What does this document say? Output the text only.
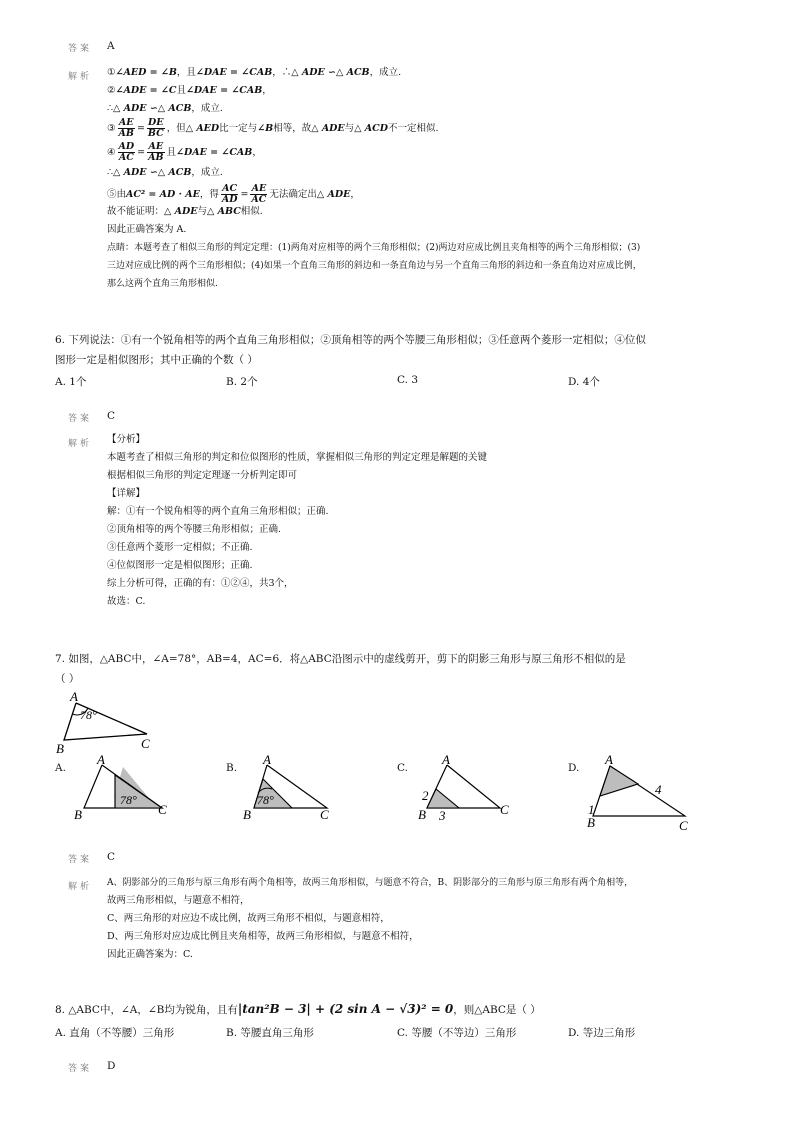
答案 A
解析 ①∠AED = ∠B，且∠DAE = ∠CAB，∴△ ADE ∽△ ACB，成立.
②∠ADE = ∠C且∠DAE = ∠CAB，
∴△ ADE ∽△ ACB，成立.
③ $\frac{AE}{AB} = \frac{DE}{BC}$ ，但△ AED比一定与∠B相等，故△ ADE与△ ACD不一定相似.
④ $\frac{AD}{AC} = \frac{AE}{AB}$ 且∠DAE = ∠CAB，
∴△ ADE ∽△ ACB，成立.
⑤由AC² = AD · AE，得 $\frac{AC}{AD} = \frac{AE}{AC}$ 无法确定出△ ADE，
故不能证明：△ ADE与△ ABC相似.
因此正确答案为 A.
点睛：本题考查了相似三角形的判定定理：(1)两角对应相等的两个三角形相似；(2)两边对应成比例且夹角相等的两个三角形相似；(3)
三边对应成比例的两个三角形相似；(4)如果一个直角三角形的斜边和一条直角边与另一个直角三角形的斜边和一条直角边对应成比例，
那么这两个直角三角形相似.
6. 下列说法：①有一个锐角相等的两个直角三角形相似；②顶角相等的两个等腰三角形相似；③任意两个菱形一定相似；④位似
图形一定是相似图形；其中正确的个数（ ）
A. 1个	B. 2个	C. 3	D. 4个
答案 C
解析 【分析】
本题考查了相似三角形的判定和位似图形的性质，掌握相似三角形的判定定理是解题的关键
根据相似三角形的判定定理逐一分析判定即可
【详解】
解：①有一个锐角相等的两个直角三角形相似；正确.
②顶角相等的两个等腰三角形相似；正确.
③任意两个菱形一定相似；不正确.
④位似图形一定是相似图形；正确.
综上分析可得，正确的有：①②④，共3个，
故选：C.
7. 如图，△ABC中，∠A=78°，AB=4，AC=6．将△ABC沿图示中的虚线剪开，剪下的阴影三角形与原三角形不相似的是
（ ）
A
78°
B	C
A.	B.	C.	D.
A
78°
B	C
A
78°
B	C
A
2
B 3	C
A
4
1
B	C
答案 C
解析 A、阴影部分的三角形与原三角形有两个角相等，故两三角形相似，与题意不符合，B、阴影部分的三角形与原三角形有两个角相等，
故两三角形相似，与题意不相符，
C、两三角形的对应边不成比例，故两三角形不相似，与题意相符，
D、两三角形对应边成比例且夹角相等，故两三角形相似，与题意不相符，
因此正确答案为：C.
8. △ABC中，∠A，∠B均为锐角，且有|tan²B − 3| + (2 sin A − √3)² = 0，则△ABC是（ ）
A. 直角（不等腰）三角形	B. 等腰直角三角形	C. 等腰（不等边）三角形	D. 等边三角形
答案 D
